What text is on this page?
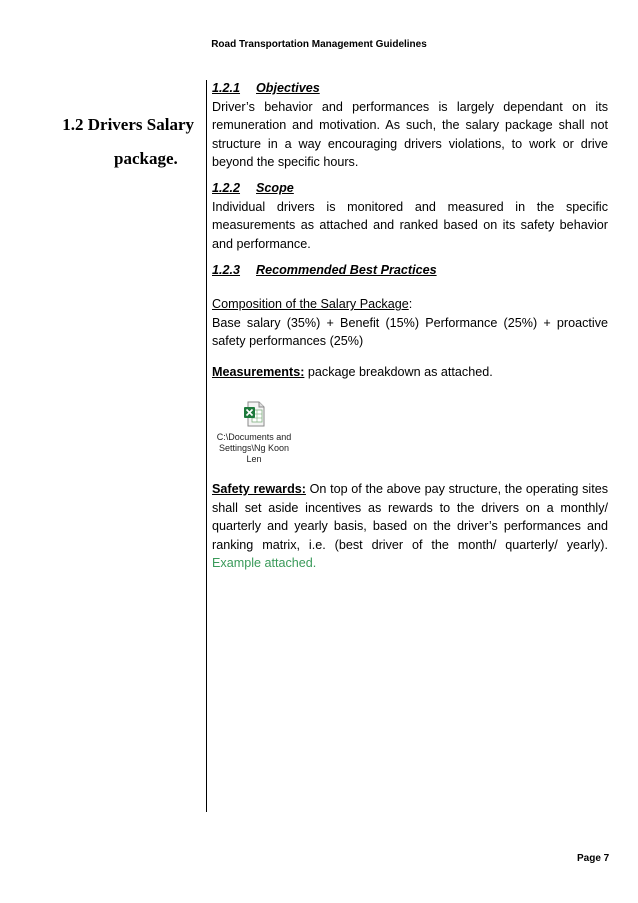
Road Transportation Management Guidelines
1.2 Drivers Salary
package.
1.2.1 Objectives

Driver’s behavior and performances is largely dependant on its remuneration and motivation. As such, the salary package shall not structure in a way encouraging drivers violations, to work or drive beyond the specific hours.

1.2.2 Scope

Individual drivers is monitored and measured in the specific measurements as attached and ranked based on its safety behavior and performance.

1.2.3 Recommended Best Practices
Composition of the Salary Package:

Base salary (35%) + Benefit (15%) Performance (25%) + proactive safety performances (25%)

Measurements: package breakdown as attached.

C:\Documents and
Settings\Ng Koon Len

Safety rewards: On top of the above pay structure, the operating sites shall set aside incentives as rewards to the drivers on a monthly/ quarterly and yearly basis, based on the driver’s performances and ranking matrix, i.e. (best driver of the month/ quarterly/ yearly). Example attached.

Page 7
